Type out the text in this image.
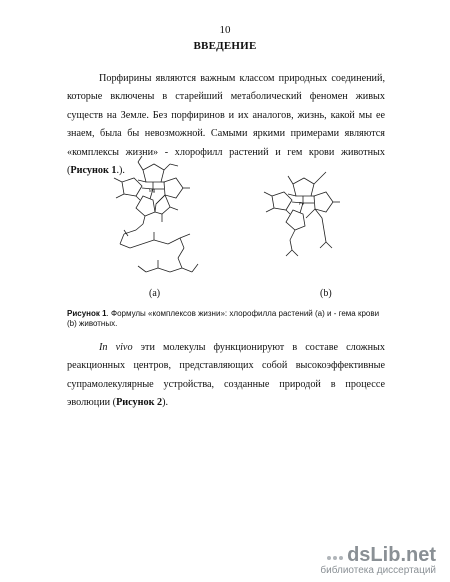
10
ВВЕДЕНИЕ

Порфирины являются важным классом природных соединений, которые включены в старейший метаболический феномен живых существ на Земле. Без порфиринов и их аналогов, жизнь, какой мы ее знаем, была бы невозможной. Самыми яркими примерами являются «комплексы жизни» - хлорофилл растений и гем крови животных (Рисунок 1.).

Mg
Fe
(a)	(b)
Рисунок 1. Формулы «комплексов жизни»: хлорофилла растений (а) и - гема крови (b) животных.

In vivo эти молекулы функционируют в составе сложных реакционных центров, представляющих собой высокоэффективные супрамолекулярные устройства, созданные природой в процессе эволюции (Рисунок 2).

dsLib.net
библиотека диссертаций
